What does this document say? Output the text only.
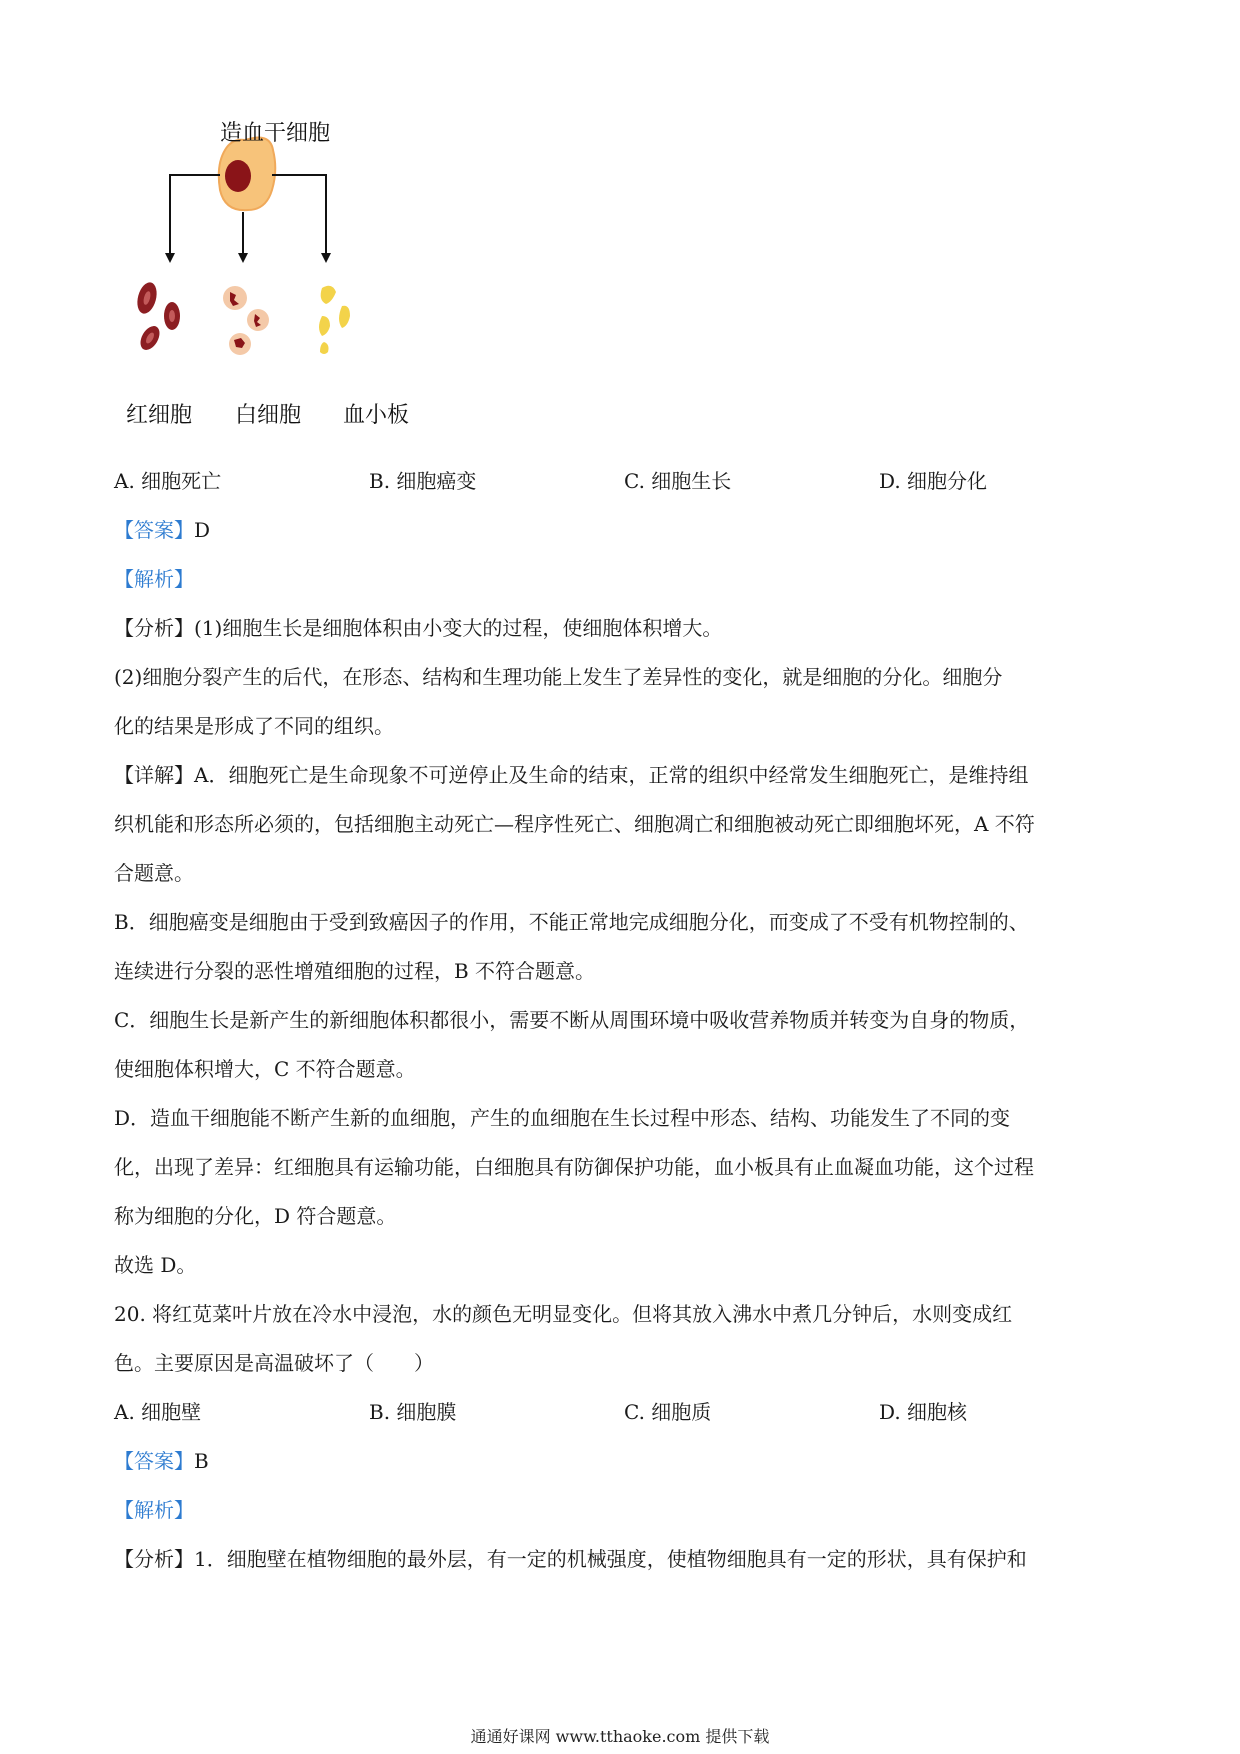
造血干细胞
红细胞 白细胞 血小板
A. 细胞死亡	B. 细胞癌变	C. 细胞生长	D. 细胞分化
【答案】D
【解析】
【分析】(1)细胞生长是细胞体积由小变大的过程，使细胞体积增大。
(2)细胞分裂产生的后代，在形态、结构和生理功能上发生了差异性的变化，就是细胞的分化。细胞分
化的结果是形成了不同的组织。
【详解】A．细胞死亡是生命现象不可逆停止及生命的结束，正常的组织中经常发生细胞死亡，是维持组
织机能和形态所必须的，包括细胞主动死亡—程序性死亡、细胞凋亡和细胞被动死亡即细胞坏死，A 不符
合题意。
B．细胞癌变是细胞由于受到致癌因子的作用，不能正常地完成细胞分化，而变成了不受有机物控制的、
连续进行分裂的恶性增殖细胞的过程，B 不符合题意。
C．细胞生长是新产生的新细胞体积都很小，需要不断从周围环境中吸收营养物质并转变为自身的物质，
使细胞体积增大，C 不符合题意。
D．造血干细胞能不断产生新的血细胞，产生的血细胞在生长过程中形态、结构、功能发生了不同的变
化，出现了差异：红细胞具有运输功能，白细胞具有防御保护功能，血小板具有止血凝血功能，这个过程
称为细胞的分化，D 符合题意。
故选 D。
20. 将红苋菜叶片放在冷水中浸泡，水的颜色无明显变化。但将其放入沸水中煮几分钟后，水则变成红
色。主要原因是高温破坏了（　　）
A. 细胞壁	B. 细胞膜	C. 细胞质	D. 细胞核
【答案】B
【解析】
【分析】1．细胞壁在植物细胞的最外层，有一定的机械强度，使植物细胞具有一定的形状，具有保护和
通通好课网 www.tthaoke.com 提供下载
